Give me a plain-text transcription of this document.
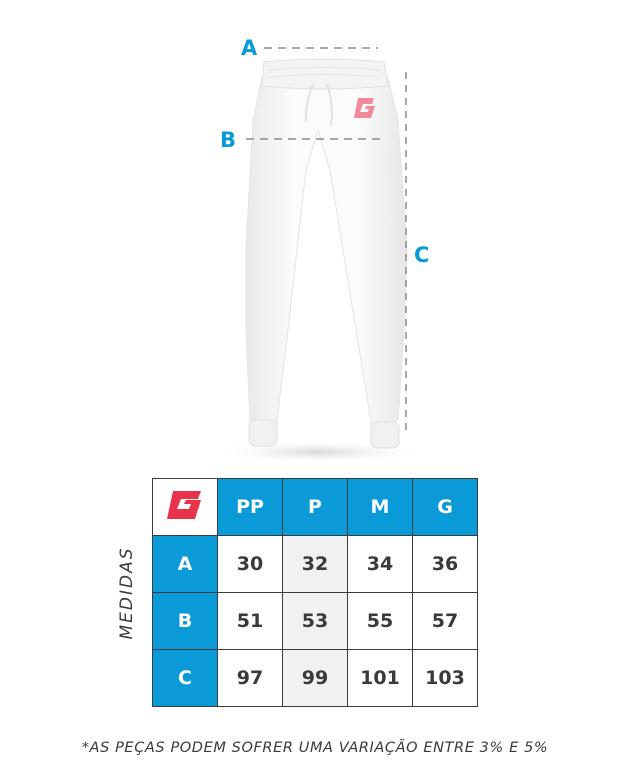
A
B
C
MEDIDAS
	PP	P	M	G
A	30	32	34	36
B	51	53	55	57
C	97	99	101	103
*AS PEÇAS PODEM SOFRER UMA VARIAÇÃO ENTRE 3% E 5%
